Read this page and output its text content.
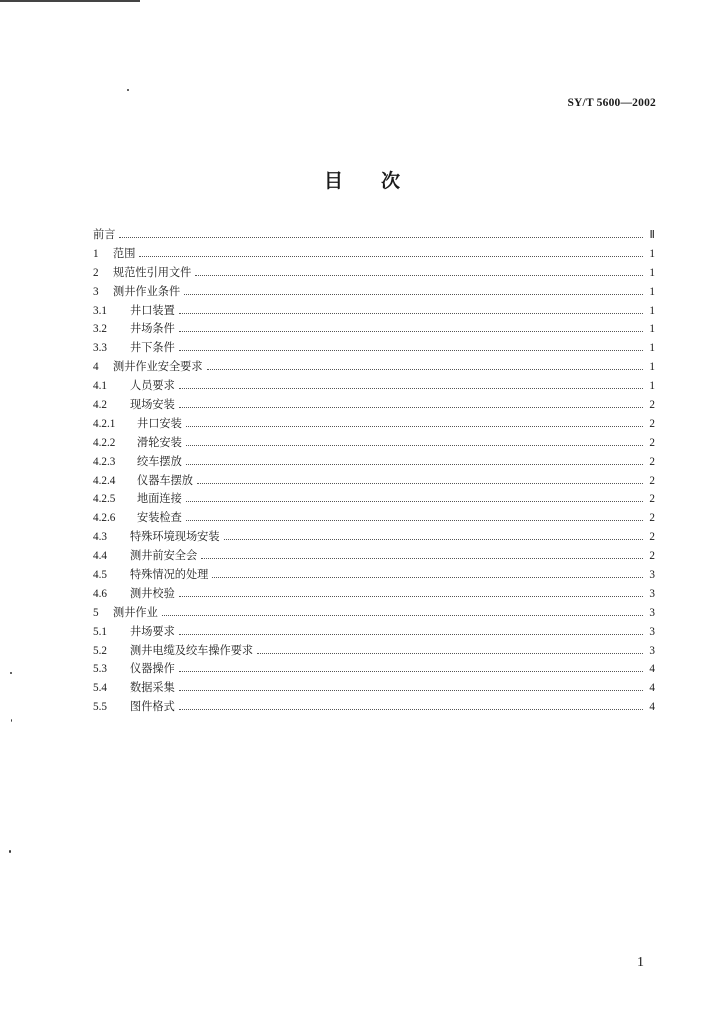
SY/T 5600—2002
目 次
前言	Ⅱ
1	范围	1
2	规范性引用文件	1
3	测井作业条件	1
3.1	井口装置	1
3.2	井场条件	1
3.3	井下条件	1
4	测井作业安全要求	1
4.1	人员要求	1
4.2	现场安装	2
4.2.1	井口安装	2
4.2.2	滑轮安装	2
4.2.3	绞车摆放	2
4.2.4	仪器车摆放	2
4.2.5	地面连接	2
4.2.6	安装检查	2
4.3	特殊环境现场安装	2
4.4	测井前安全会	2
4.5	特殊情况的处理	3
4.6	测井校验	3
5	测井作业	3
5.1	井场要求	3
5.2	测井电缆及绞车操作要求	3
5.3	仪器操作	4
5.4	数据采集	4
5.5	图件格式	4
1
